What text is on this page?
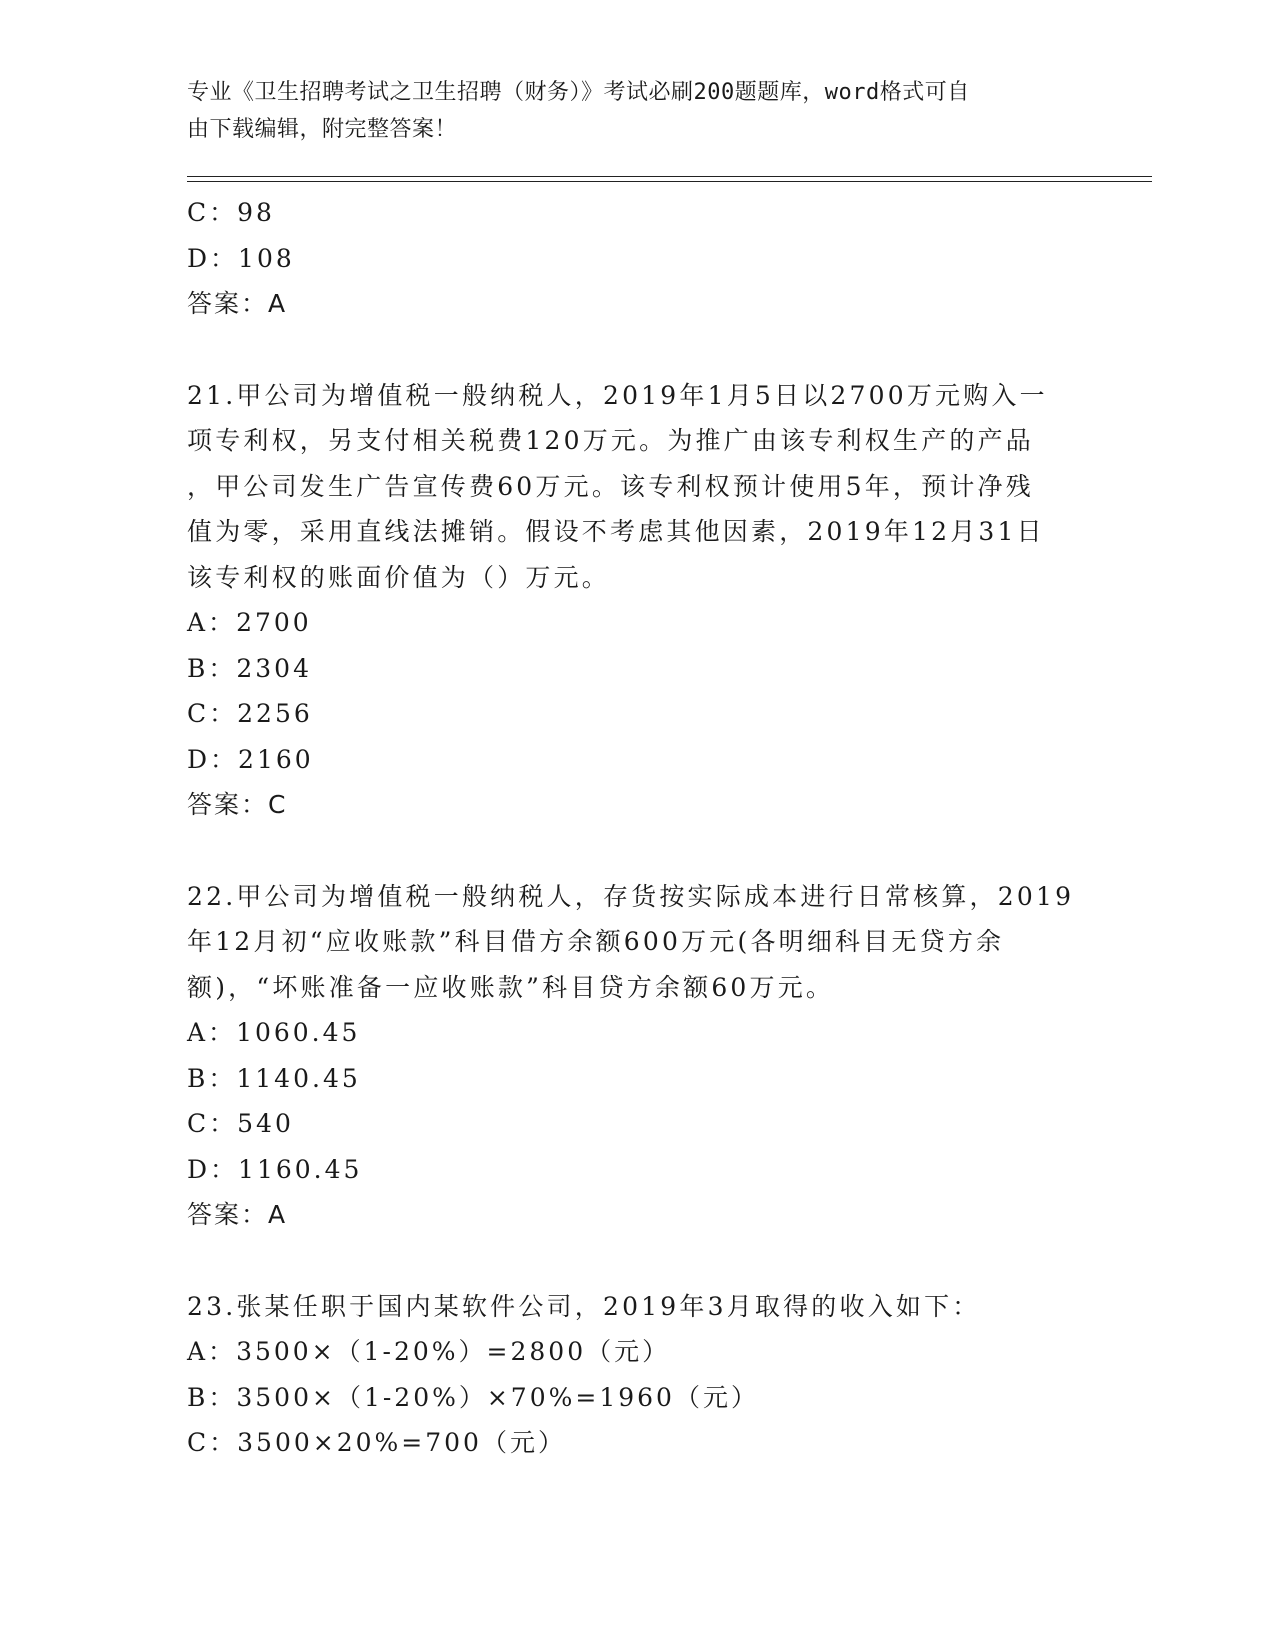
专业《卫生招聘考试之卫生招聘（财务）》考试必刷200题题库，word格式可自
由下载编辑，附完整答案！
C：98
D：108
答案：A
21.甲公司为增值税一般纳税人，2019年1月5日以2700万元购入一
项专利权，另支付相关税费120万元。为推广由该专利权生产的产品
，甲公司发生广告宣传费60万元。该专利权预计使用5年，预计净残
值为零，采用直线法摊销。假设不考虑其他因素，2019年12月31日
该专利权的账面价值为（）万元。
A：2700
B：2304
C：2256
D：2160
答案：C
22.甲公司为增值税一般纳税人，存货按实际成本进行日常核算，2019
年12月初“应收账款”科目借方余额600万元(各明细科目无贷方余
额)，“坏账准备一应收账款”科目贷方余额60万元。
A：1060.45
B：1140.45
C：540
D：1160.45
答案：A
23.张某任职于国内某软件公司，2019年3月取得的收入如下：
A：3500×（1-20%）=2800（元）
B：3500×（1-20%）×70%=1960（元）
C：3500×20%=700（元）
